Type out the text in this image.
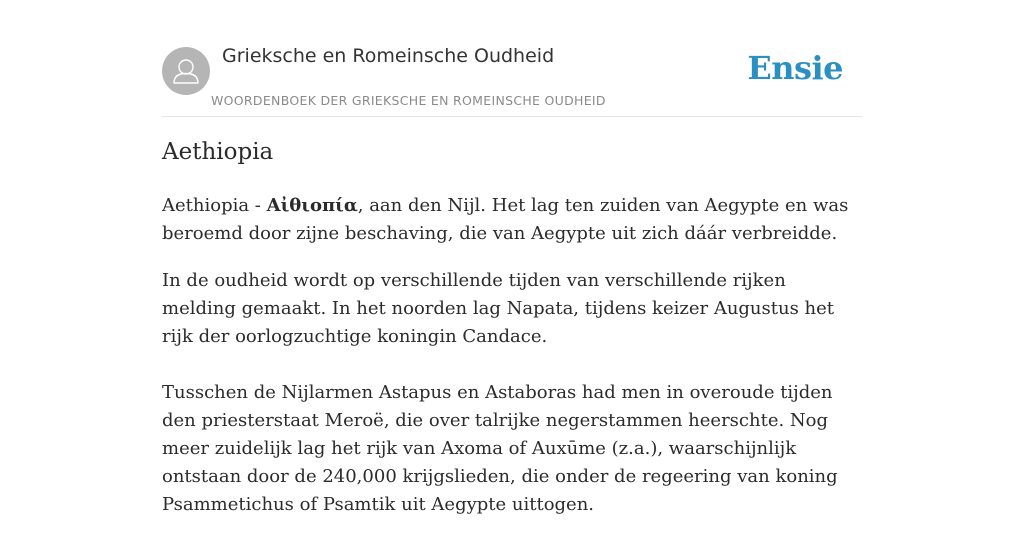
Grieksche en Romeinsche Oudheid
WOORDENBOEK DER GRIEKSCHE EN ROMEINSCHE OUDHEID
Ensie
Aethiopia

Aethiopia - Αἰθιοπία, aan den Nijl. Het lag ten zuiden van Aegypte en was beroemd door zijne beschaving, die van Aegypte uit zich dáár verbreidde.

In de oudheid wordt op verschillende tijden van verschillende rijken melding gemaakt. In het noorden lag Napata, tijdens keizer Augustus het rijk der oorlogzuchtige koningin Candace.

Tusschen de Nijlarmen Astapus en Astaboras had men in overoude tijden den priesterstaat Meroë, die over talrijke negerstammen heerschte. Nog meer zuidelijk lag het rijk van Axoma of Auxūme (z.a.), waarschijnlijk ontstaan door de 240,000 krijgslieden, die onder de regeering van koning Psammetichus of Psamtik uit Aegypte uittogen.
